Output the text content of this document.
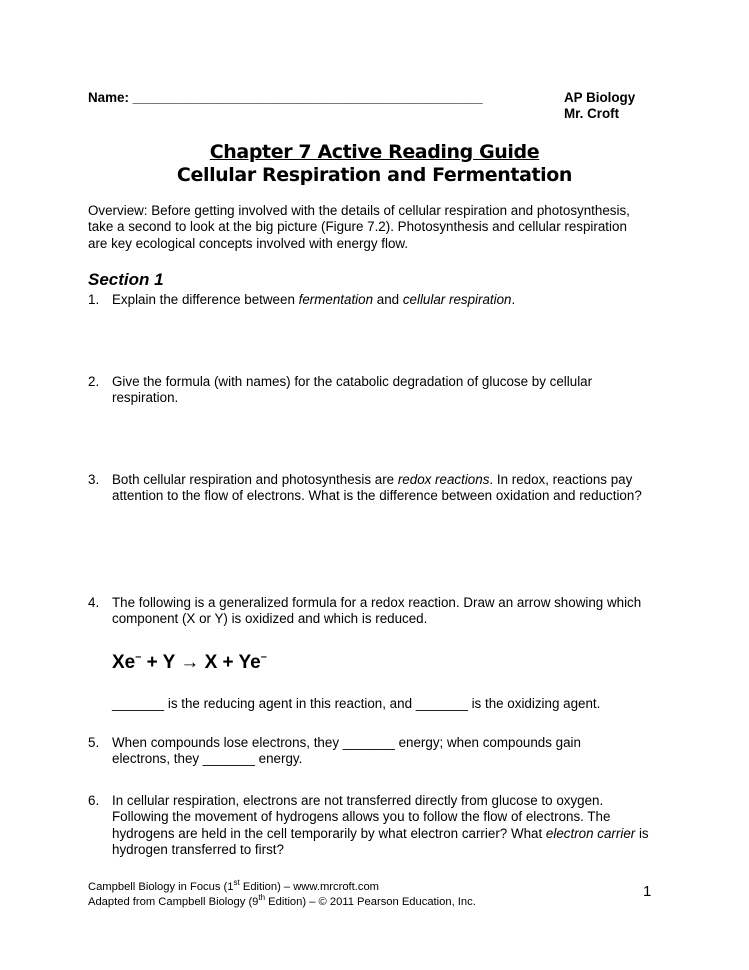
Name: _______________________________________________	AP Biology
Mr. Croft
Chapter 7 Active Reading Guide
Cellular Respiration and Fermentation
Overview: Before getting involved with the details of cellular respiration and photosynthesis, take a second to look at the big picture (Figure 7.2). Photosynthesis and cellular respiration are key ecological concepts involved with energy flow.
Section 1
1. Explain the difference between fermentation and cellular respiration.
2. Give the formula (with names) for the catabolic degradation of glucose by cellular respiration.
3. Both cellular respiration and photosynthesis are redox reactions. In redox, reactions pay attention to the flow of electrons. What is the difference between oxidation and reduction?
4. The following is a generalized formula for a redox reaction. Draw an arrow showing which component (X or Y) is oxidized and which is reduced.
Xe– + Y → X + Ye–
_______ is the reducing agent in this reaction, and _______ is the oxidizing agent.
5. When compounds lose electrons, they _______ energy; when compounds gain electrons, they _______ energy.
6. In cellular respiration, electrons are not transferred directly from glucose to oxygen. Following the movement of hydrogens allows you to follow the flow of electrons. The hydrogens are held in the cell temporarily by what electron carrier? What electron carrier is hydrogen transferred to first?
Campbell Biology in Focus (1st Edition) – www.mrcroft.com
Adapted from Campbell Biology (9th Edition) – © 2011 Pearson Education, Inc.
1
